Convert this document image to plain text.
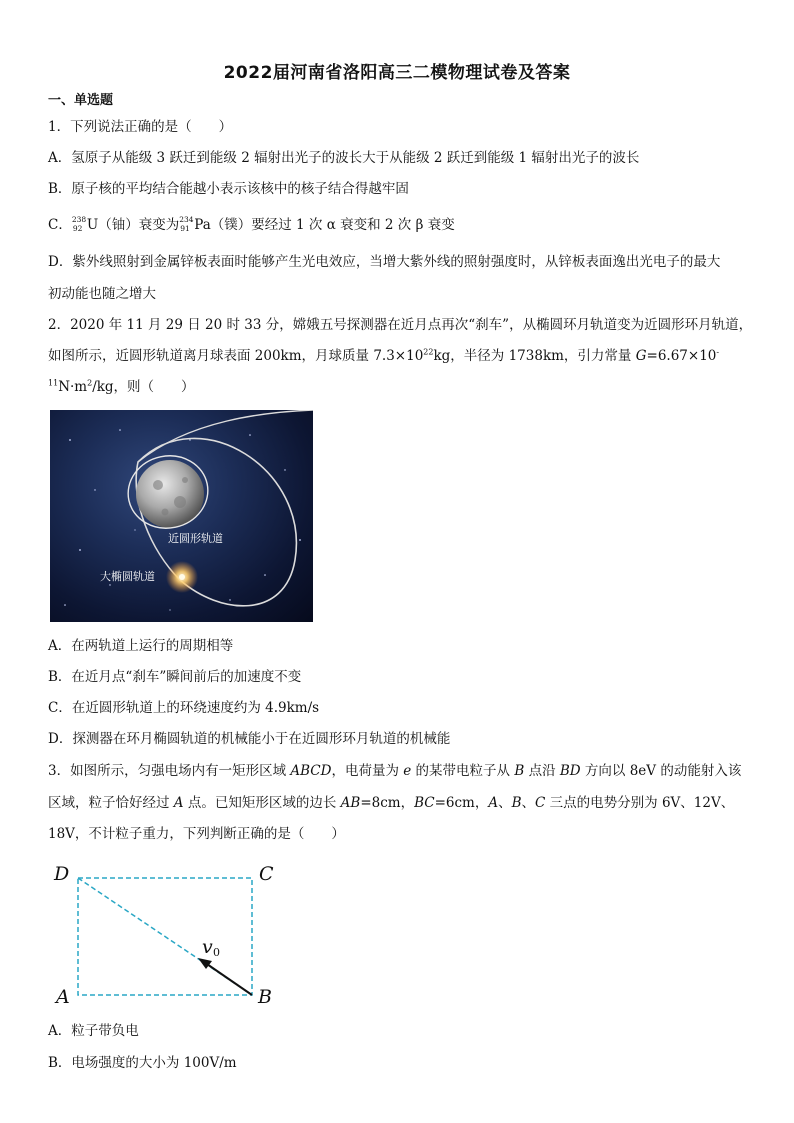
2022届河南省洛阳高三二模物理试卷及答案
一、单选题
1．下列说法正确的是（　　）
A．氢原子从能级 3 跃迁到能级 2 辐射出光子的波长大于从能级 2 跃迁到能级 1 辐射出光子的波长
B．原子核的平均结合能越小表示该核中的核子结合得越牢固
C． 238
92 U（铀）衰变为 234
91 Pa（镤）要经过 1 次 α 衰变和 2 次 β 衰变
D．紫外线照射到金属锌板表面时能够产生光电效应，当增大紫外线的照射强度时，从锌板表面逸出光电子的最大
初动能也随之增大
2．2020 年 11 月 29 日 20 时 33 分，嫦娥五号探测器在近月点再次“刹车”，从椭圆环月轨道变为近圆形环月轨道，
如图所示，近圆形轨道离月球表面 200km，月球质量 $7.3\times 10^{22}kg$，半径为 1738km，引力常量 G=6.67×10-
$^{11}N\cdot m^2/kg$，则（　　）
近圆形轨道
大椭圆轨道
A．在两轨道上运行的周期相等
B．在近月点“刹车”瞬间前后的加速度不变
C．在近圆形轨道上的环绕速度约为 4.9km/s
D．探测器在环月椭圆轨道的机械能小于在近圆形环月轨道的机械能
3．如图所示，匀强电场内有一矩形区域 ABCD，电荷量为 e 的某带电粒子从 B 点沿 BD 方向以 8eV 的动能射入该
区域，粒子恰好经过 A 点。已知矩形区域的边长 AB=8cm，BC=6cm，A、B、C 三点的电势分别为 6V、12V、
18V，不计粒子重力，下列判断正确的是（　　）
D	C
A	B
v 0
A．粒子带负电
B．电场强度的大小为 100V/m
